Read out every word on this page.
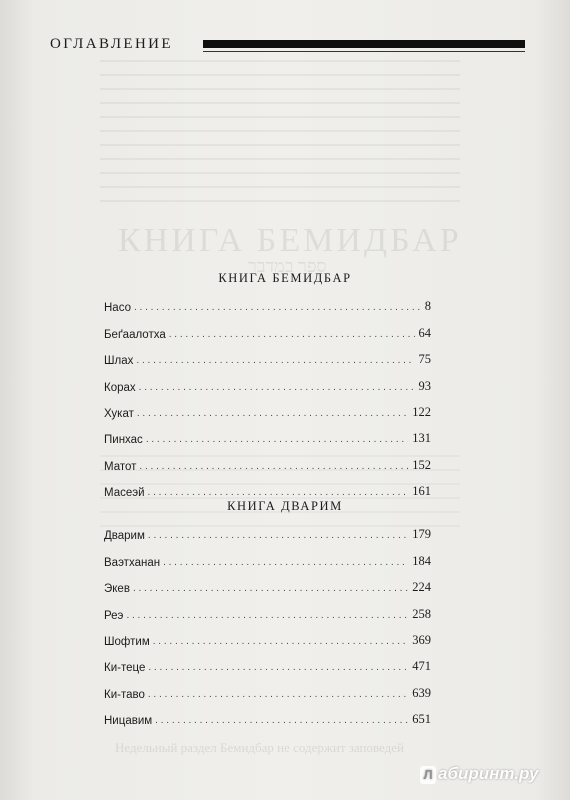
КНИГА БЕМИДБАР
ספר במדבר
Недельный раздел Бемидбар не содержит заповедей
ОГЛАВЛЕНИЕ
КНИГА БЕМИДБАР
Насо . . .	8
Беґаалотха . . .	64
Шлах . . .	75
Корах . . .	93
Хукат . . .	122
Пинхас . . .	131
Матот . . .	152
Масеэй . . .	161
КНИГА ДВАРИМ
Дварим . . .	179
Ваэтханан . . .	184
Экев . . .	224
Реэ . . .	258
Шофтим . . .	369
Ки-теце . . .	471
Ки-таво . . .	639
Ницавим . . .	651
Л абиринт.ру
